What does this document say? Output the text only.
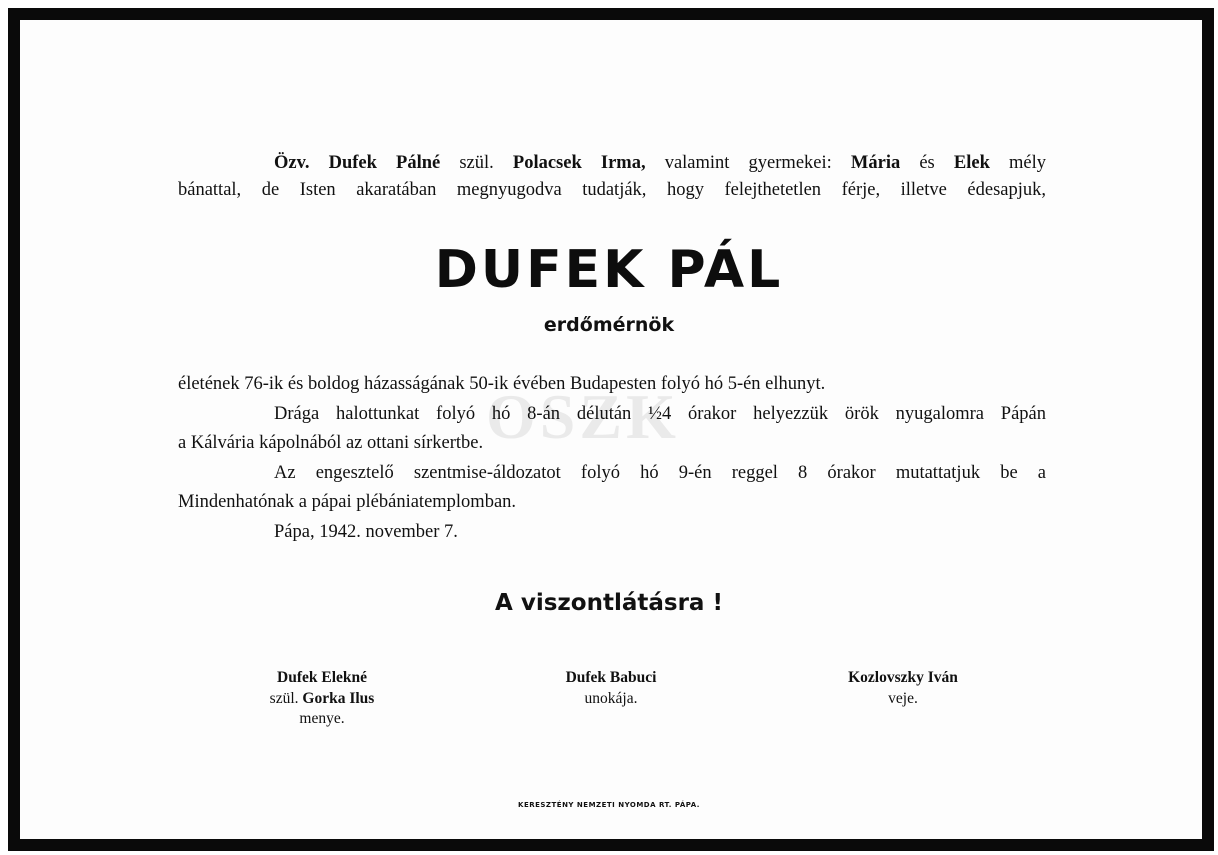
OSZK
Özv. Dufek Pálné szül. Polacsek Irma, valamint gyermekei: Mária és Elek mély
bánattal, de Isten akaratában megnyugodva tudatják, hogy felejthetetlen férje, illetve édesapjuk,
DUFEK PÁL
erdőmérnök
életének 76-ik és boldog házasságának 50-ik évében Budapesten folyó hó 5-én elhunyt.
Drága halottunkat folyó hó 8-án délután ½4 órakor helyezzük örök nyugalomra Pápán
a Kálvária kápolnából az ottani sírkertbe.
Az engesztelő szentmise-áldozatot folyó hó 9-én reggel 8 órakor mutattatjuk be a
Mindenhatónak a pápai plébániatemplomban.
Pápa, 1942. november 7.
A viszontlátásra !
Dufek Elekné
szül. Gorka Ilus
menye.
Dufek Babuci
unokája.
Kozlovszky Iván
veje.
KERESZTÉNY NEMZETI NYOMDA RT. PÁPA.
